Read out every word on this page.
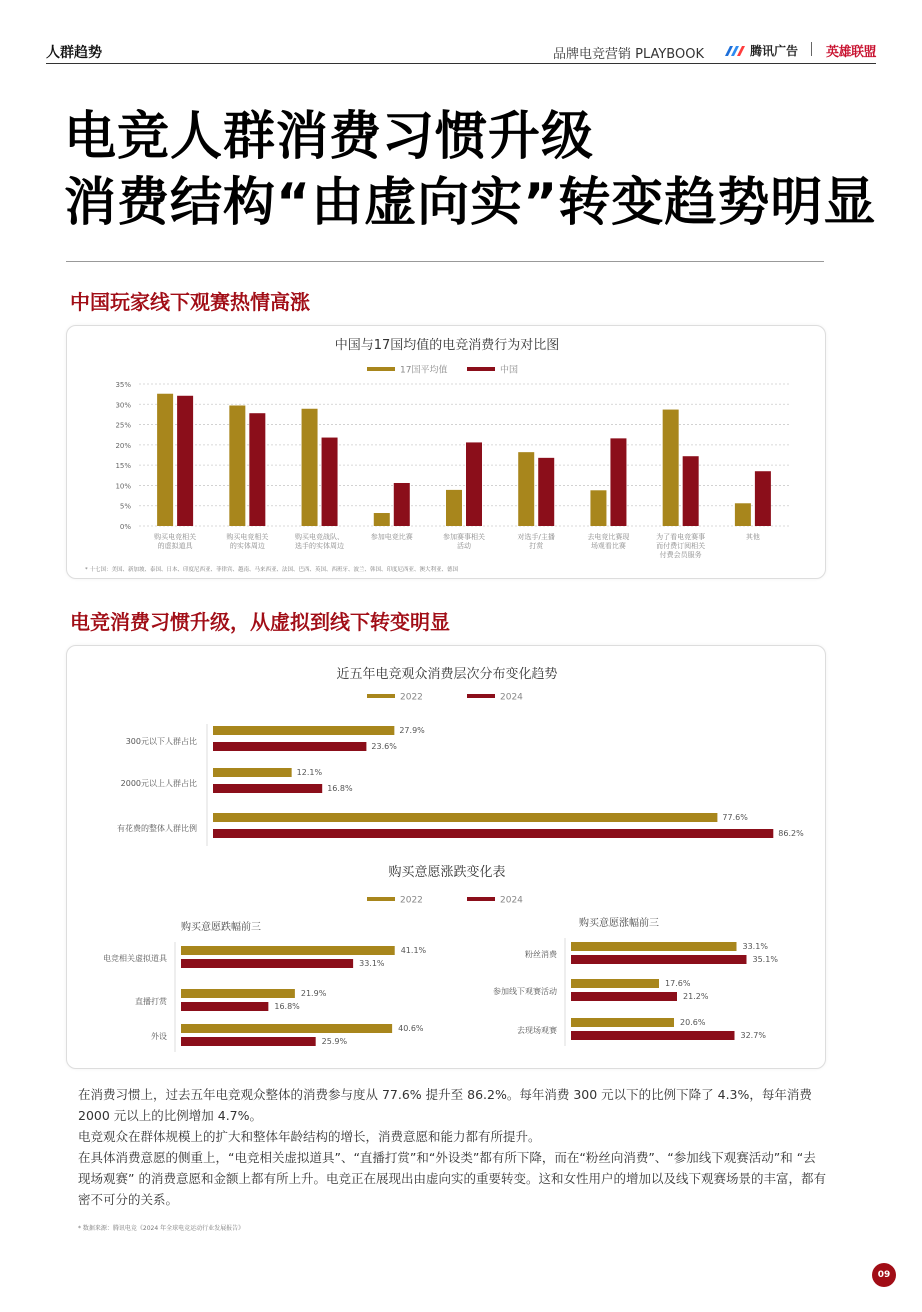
人群趋势	品牌电竞营销 PLAYBOOK	腾讯广告 英雄联盟
电竞人群消费习惯升级
消费结构“由虚向实”转变趋势明显
中国玩家线下观赛热情高涨
中国与17国均值的电竞消费行为对比图
17国平均值	中国
0%
5%
10%
15%
20%
25%
30%
35%
购买电竞相关
的虚拟道具
购买电竞相关
的实体周边
购买电竞战队、
选手的实体周边
参加电竞比赛	参加赛事相关
活动
对选手/主播
打赏
去电竞比赛现
场观看比赛
为了看电竞赛事
而付费订阅相关
付费会员服务
其他
* 十七国：美国、新加坡、泰国、日本、印度尼西亚、菲律宾、越南、马来西亚、法国、巴西、英国、西班牙、波兰、韩国、印度尼西亚、澳大利亚、德国
电竞消费习惯升级，从虚拟到线下转变明显
近五年电竞观众消费层次分布变化趋势
2022	2024
300元以下人群占比
27.9%
23.6%
2000元以上人群占比
12.1%
16.8%
有花费的整体人群比例
77.6%
86.2%
购买意愿涨跌变化表
2022	2024
购买意愿跌幅前三
电竞相关虚拟道具
41.1%
33.1%
直播打赏
21.9%
16.8%
外设
40.6%
25.9%
购买意愿涨幅前三
粉丝消费
33.1%
35.1%
参加线下观赛活动
17.6%
21.2%
去现场观赛
20.6%
32.7%

在消费习惯上，过去五年电竞观众整体的消费参与度从 77.6% 提升至 86.2%。每年消费 300 元以下的比例下降了 4.3%，每年消费 2000 元以上的比例增加 4.7%。

电竞观众在群体规模上的扩大和整体年龄结构的增长，消费意愿和能力都有所提升。

在具体消费意愿的侧重上，“电竞相关虚拟道具”、“直播打赏”和“外设类”都有所下降，而在“粉丝向消费”、“参加线下观赛活动”和 “去现场观赛” 的消费意愿和金额上都有所上升。电竞正在展现出由虚向实的重要转变。这和女性用户的增加以及线下观赛场景的丰富，都有密不可分的关系。

* 数据来源：腾讯电竞《2024 年全球电竞运动行业发展报告》
09
